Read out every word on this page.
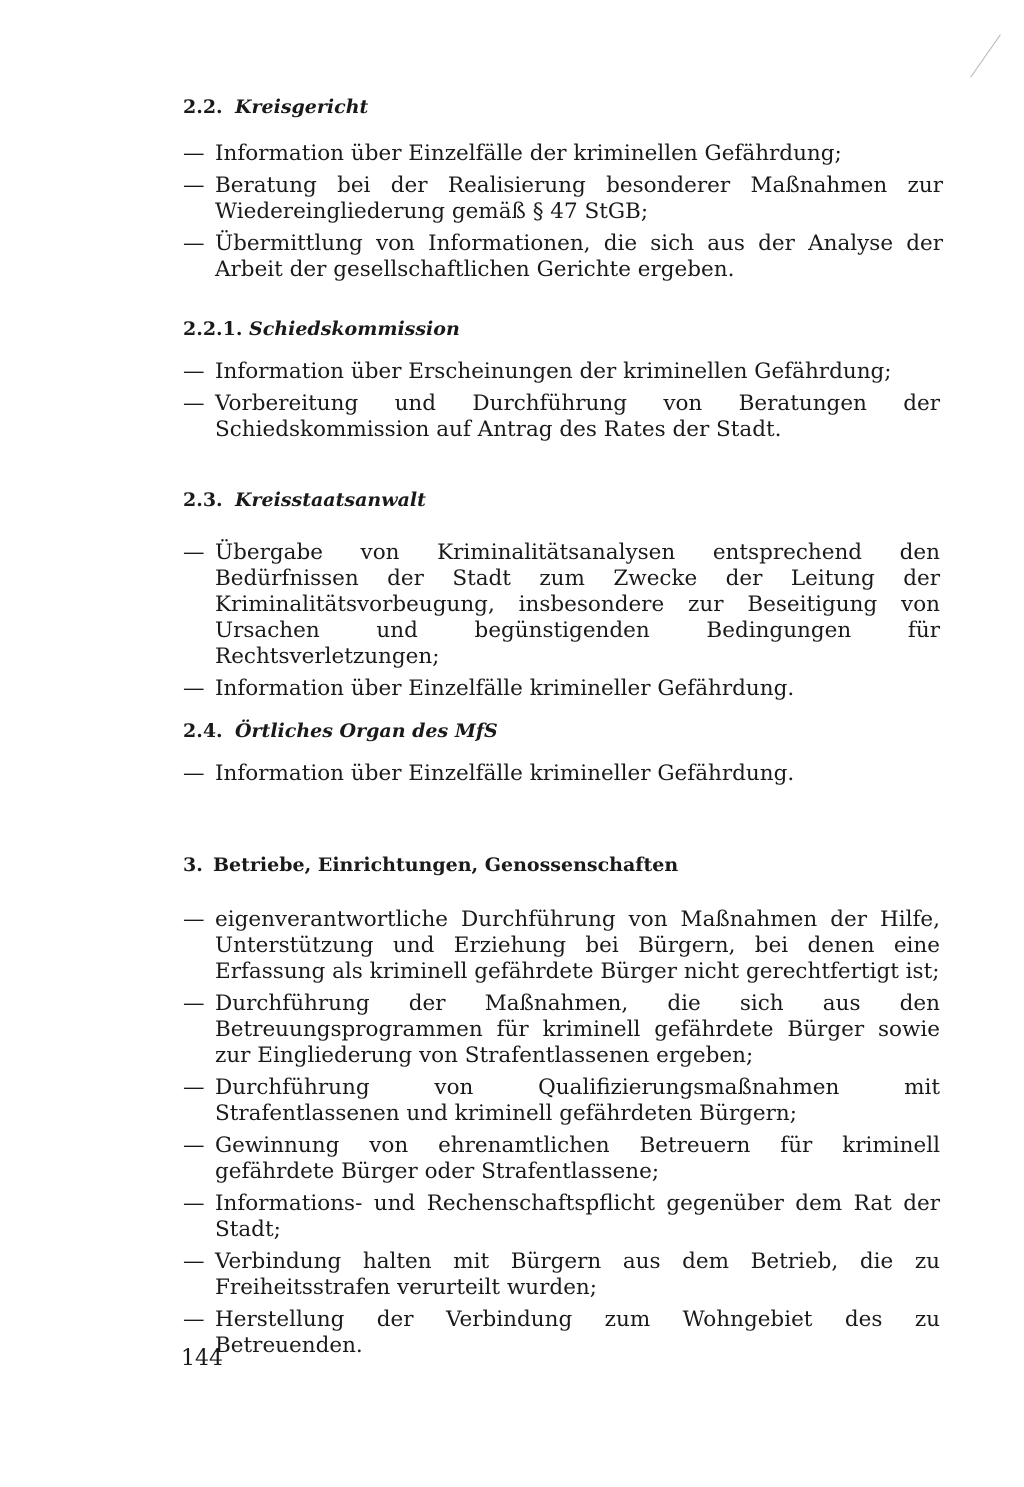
2.2. Kreisgericht
— Information über Einzelfälle der kriminellen Gefährdung;
— Beratung bei der Realisierung besonderer Maßnahmen zur Wiedereingliederung gemäß § 47 StGB;
— Übermittlung von Informationen, die sich aus der Analyse der Arbeit der gesellschaftlichen Gerichte ergeben.
2.2.1. Schiedskommission
— Information über Erscheinungen der kriminellen Gefährdung;
— Vorbereitung und Durchführung von Beratungen der Schiedskommission auf Antrag des Rates der Stadt.
2.3. Kreisstaatsanwalt
— Übergabe von Kriminalitätsanalysen entsprechend den Bedürfnissen der Stadt zum Zwecke der Leitung der Kriminalitätsvorbeugung, insbesondere zur Beseitigung von Ursachen und begünstigenden Bedingungen für Rechtsverletzungen;
— Information über Einzelfälle krimineller Gefährdung.
2.4. Örtliches Organ des MfS
— Information über Einzelfälle krimineller Gefährdung.
3. Betriebe, Einrichtungen, Genossenschaften
— eigenverantwortliche Durchführung von Maßnahmen der Hilfe, Unterstützung und Erziehung bei Bürgern, bei denen eine Erfassung als kriminell gefährdete Bürger nicht gerechtfertigt ist;
— Durchführung der Maßnahmen, die sich aus den Betreuungsprogrammen für kriminell gefährdete Bürger sowie zur Eingliederung von Strafentlassenen ergeben;
— Durchführung von Qualifizierungsmaßnahmen mit Strafentlassenen und kriminell gefährdeten Bürgern;
— Gewinnung von ehrenamtlichen Betreuern für kriminell gefährdete Bürger oder Strafentlassene;
— Informations- und Rechenschaftspflicht gegenüber dem Rat der Stadt;
— Verbindung halten mit Bürgern aus dem Betrieb, die zu Freiheitsstrafen verurteilt wurden;
— Herstellung der Verbindung zum Wohngebiet des zu Betreuenden.
144
